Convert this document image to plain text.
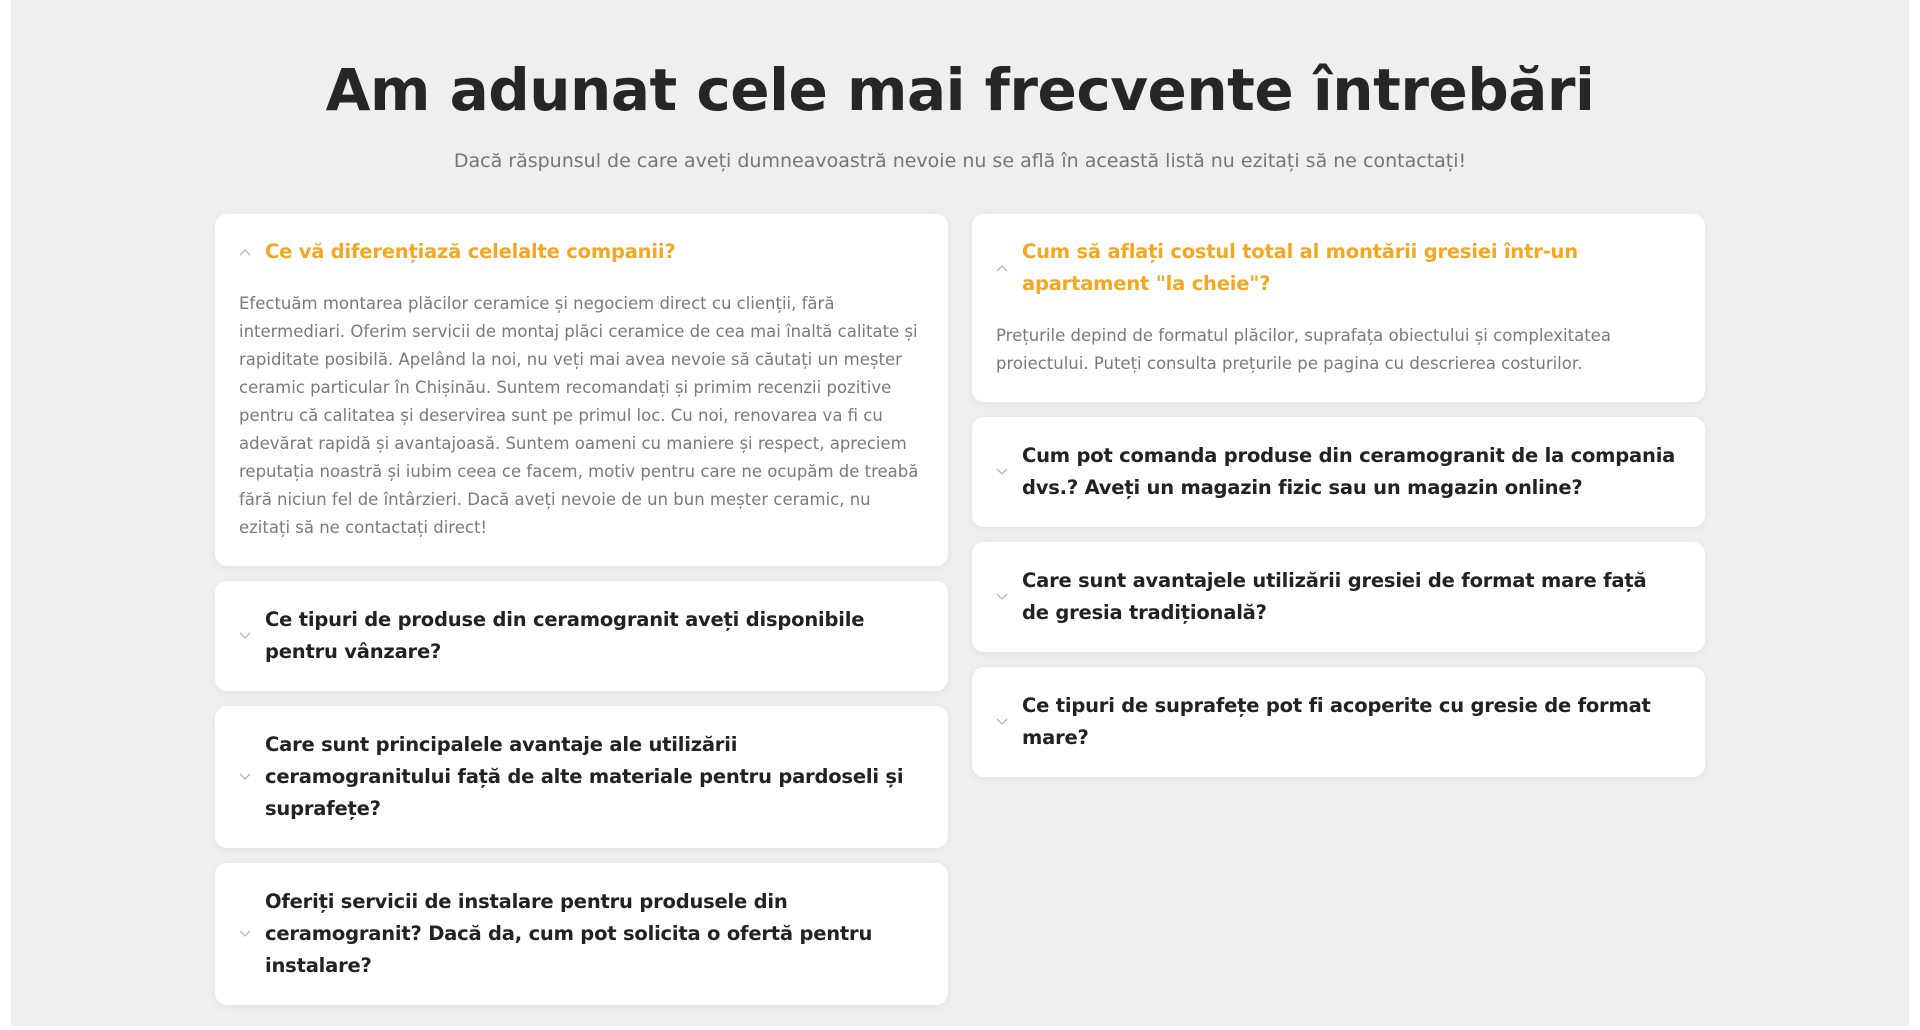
Am adunat cele mai frecvente întrebări

Dacă răspunsul de care aveți dumneavoastră nevoie nu se află în această listă nu ezitați să ne contactați!

Ce vă diferențiază celelalte companii?

Efectuăm montarea plăcilor ceramice și negociem direct cu clienții, fără intermediari. Oferim servicii de montaj plăci ceramice de cea mai înaltă calitate și rapiditate posibilă. Apelând la noi, nu veți mai avea nevoie să căutați un meșter ceramic particular în Chișinău. Suntem recomandați și primim recenzii pozitive pentru că calitatea și deservirea sunt pe primul loc. Cu noi, renovarea va fi cu adevărat rapidă și avantajoasă. Suntem oameni cu maniere și respect, apreciem reputația noastră și iubim ceea ce facem, motiv pentru care ne ocupăm de treabă fără niciun fel de întârzieri. Dacă aveți nevoie de un bun meșter ceramic, nu ezitați să ne contactați direct!

Ce tipuri de produse din ceramogranit aveți disponibile pentru vânzare?
Care sunt principalele avantaje ale utilizării ceramogranitului față de alte materiale pentru pardoseli și suprafețe?
Oferiți servicii de instalare pentru produsele din ceramogranit? Dacă da, cum pot solicita o ofertă pentru instalare?
Cum să aflați costul total al montării gresiei într-un apartament "la cheie"?

Prețurile depind de formatul plăcilor, suprafața obiectului și complexitatea proiectului. Puteți consulta prețurile pe pagina cu descrierea costurilor.

Cum pot comanda produse din ceramogranit de la compania dvs.? Aveți un magazin fizic sau un magazin online?
Care sunt avantajele utilizării gresiei de format mare față de gresia tradițională?
Ce tipuri de suprafețe pot fi acoperite cu gresie de format mare?
